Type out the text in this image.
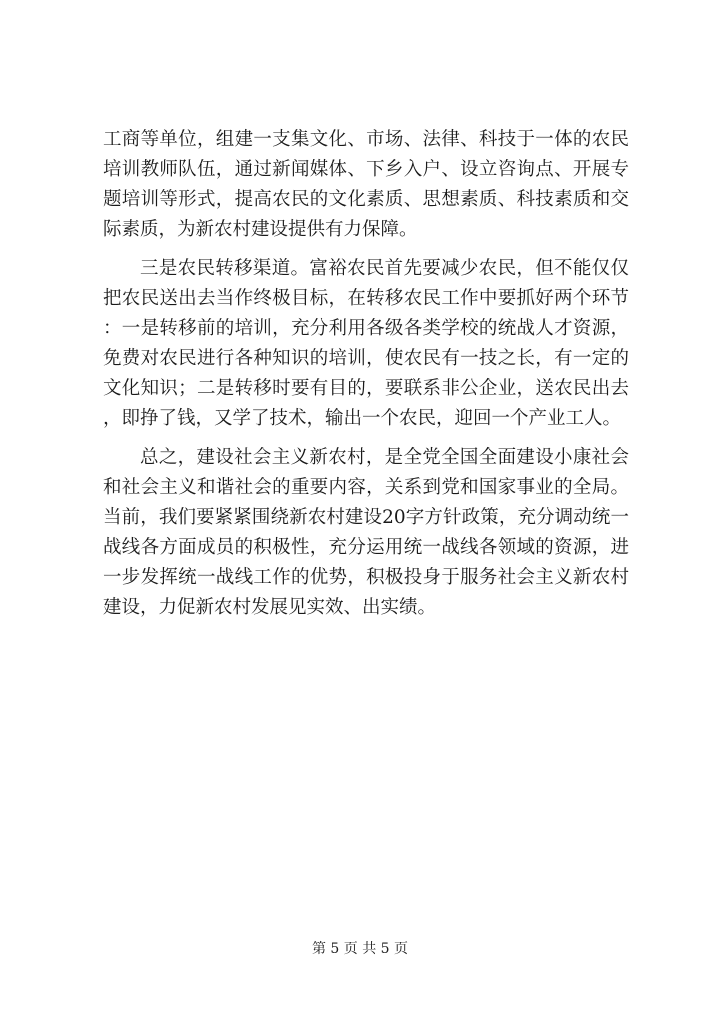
工商等单位，组建一支集文化、市场、法律、科技于一体的农民培训教师队伍，通过新闻媒体、下乡入户、设立咨询点、开展专题培训等形式，提高农民的文化素质、思想素质、科技素质和交际素质，为新农村建设提供有力保障。

三是农民转移渠道。富裕农民首先要减少农民，但不能仅仅把农民送出去当作终极目标，在转移农民工作中要抓好两个环节：一是转移前的培训，充分利用各级各类学校的统战人才资源，免费对农民进行各种知识的培训，使农民有一技之长，有一定的文化知识；二是转移时要有目的，要联系非公企业，送农民出去，即挣了钱，又学了技术，输出一个农民，迎回一个产业工人。

总之，建设社会主义新农村，是全党全国全面建设小康社会和社会主义和谐社会的重要内容，关系到党和国家事业的全局。当前，我们要紧紧围绕新农村建设20字方针政策，充分调动统一战线各方面成员的积极性，充分运用统一战线各领域的资源，进一步发挥统一战线工作的优势，积极投身于服务社会主义新农村建设，力促新农村发展见实效、出实绩。

第 5 页 共 5 页
